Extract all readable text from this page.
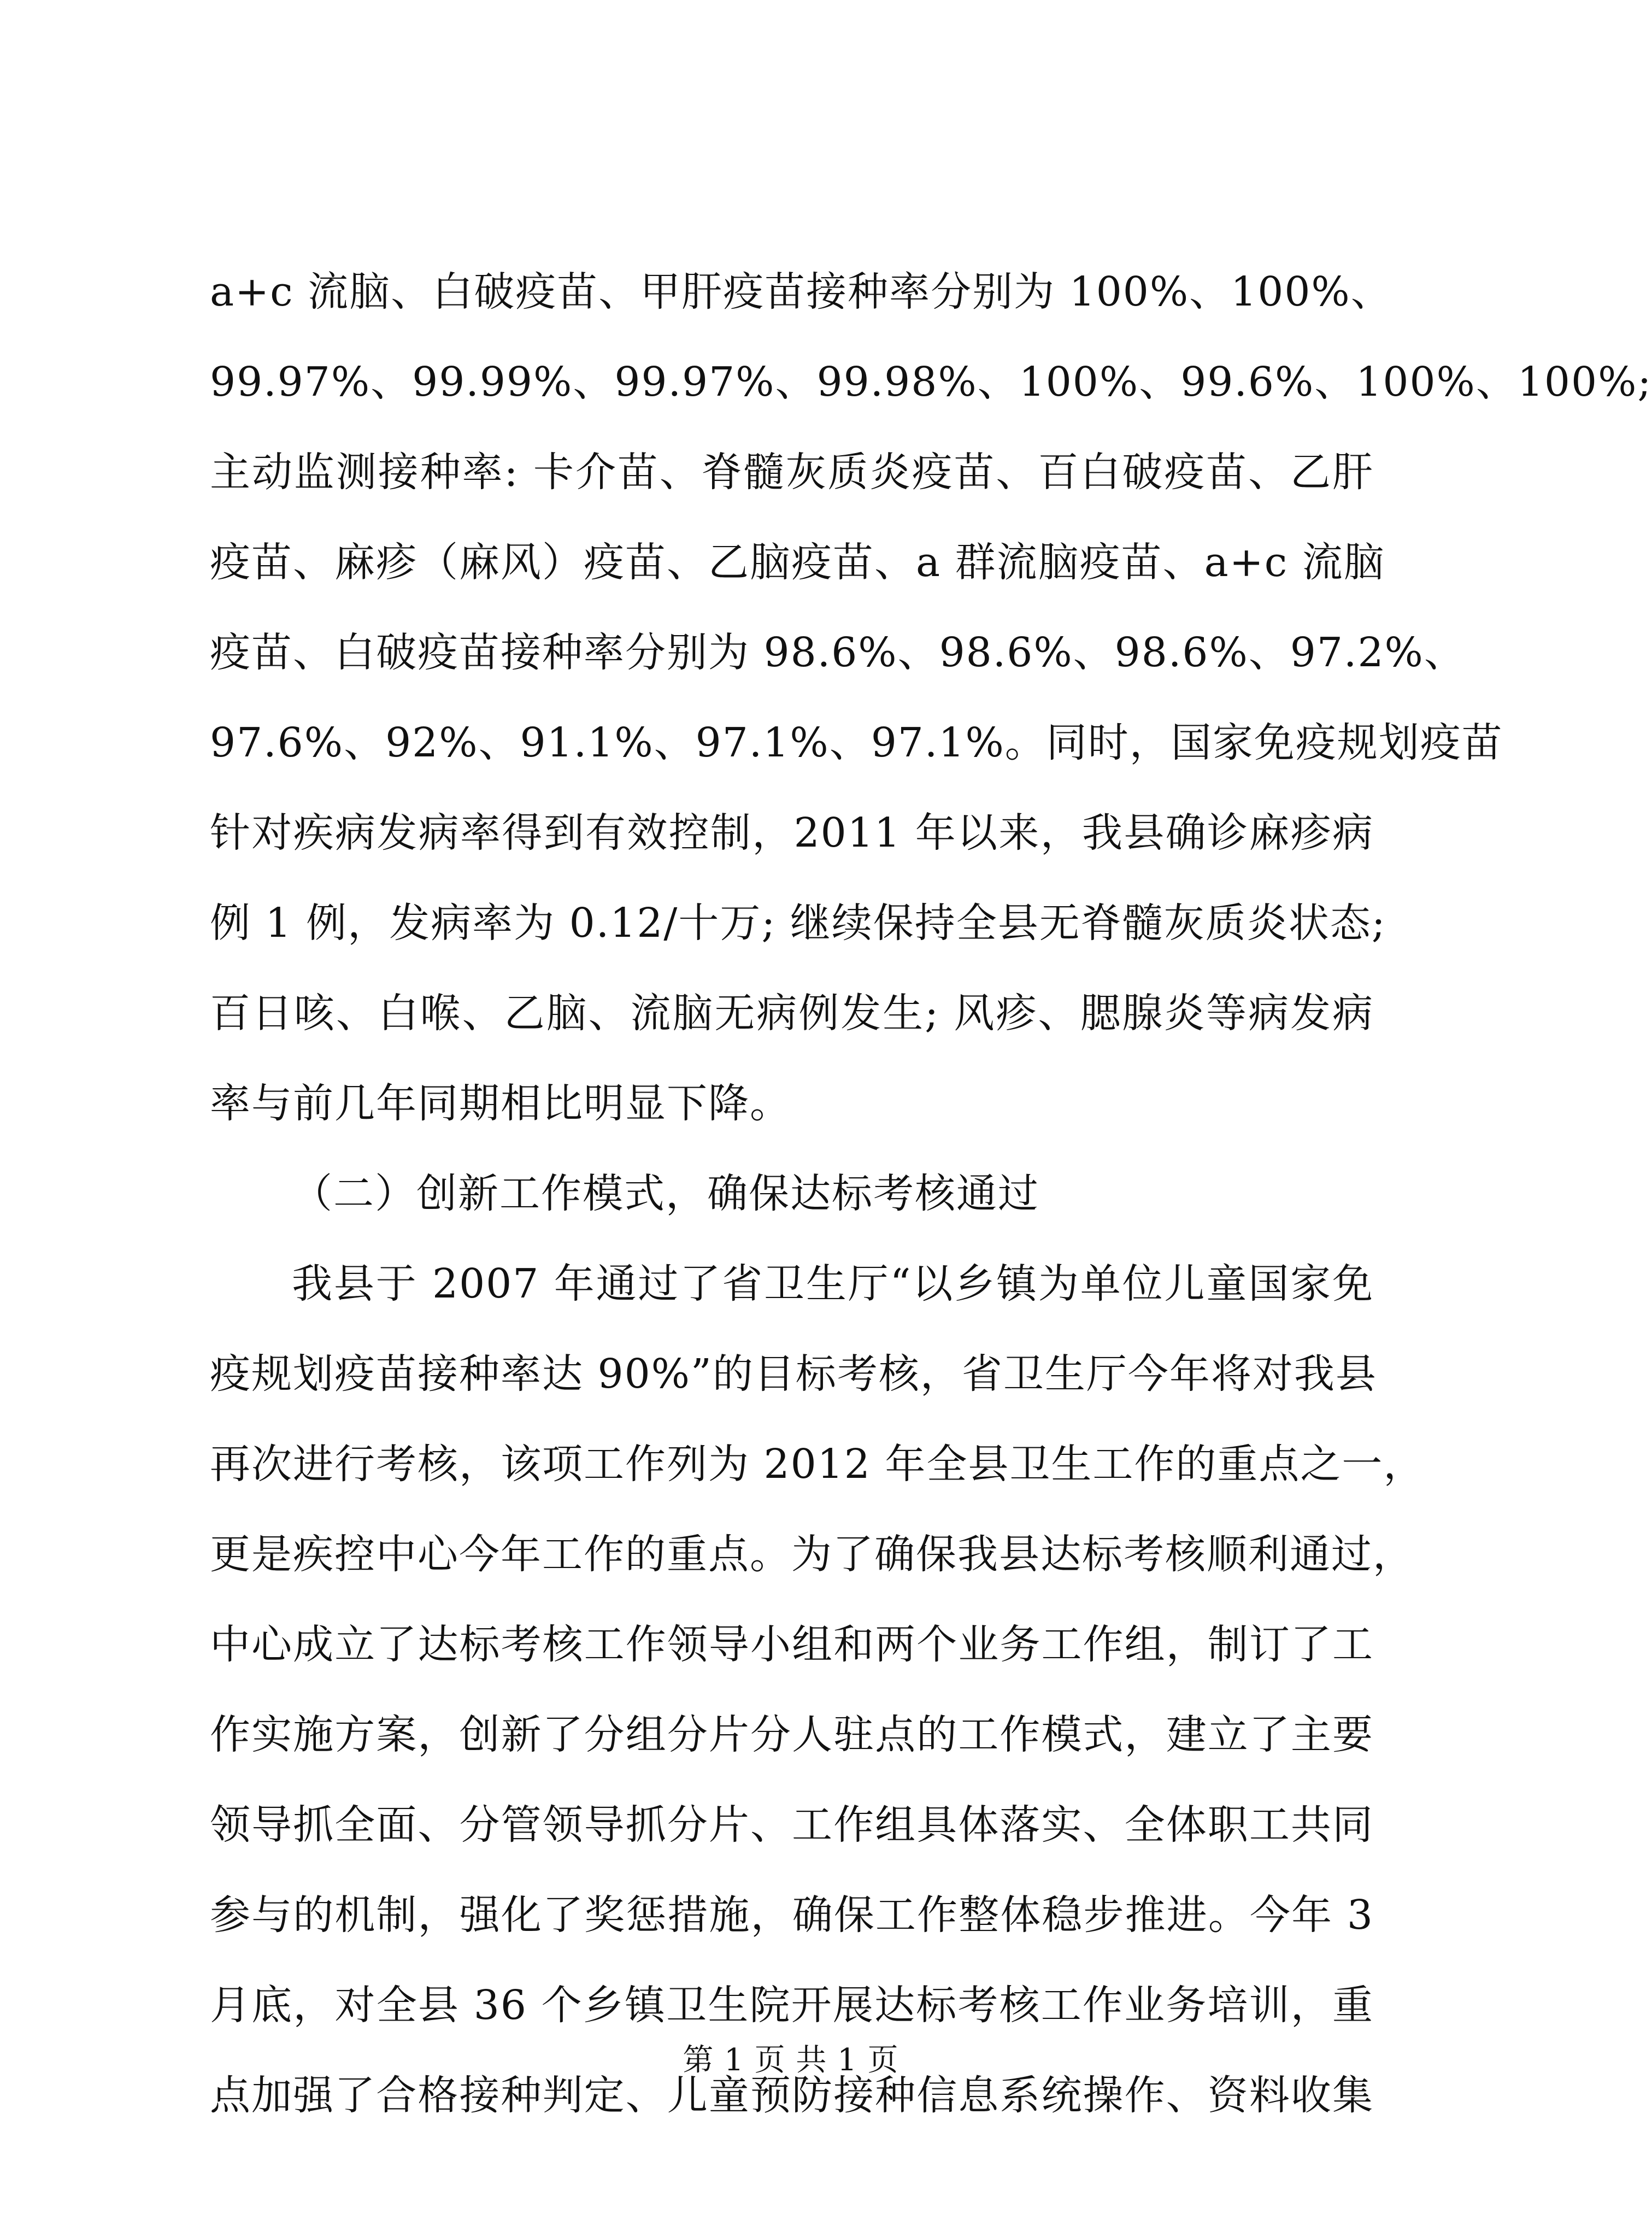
a+c 流脑、白破疫苗、甲肝疫苗接种率分别为 100%、100%、
99.97%、99.99%、99.97%、99.98%、100%、99.6%、100%、100%;
主动监测接种率: 卡介苗、脊髓灰质炎疫苗、百白破疫苗、乙肝
疫苗、麻疹（麻风）疫苗、乙脑疫苗、a 群流脑疫苗、a+c 流脑
疫苗、白破疫苗接种率分别为 98.6%、98.6%、98.6%、97.2%、
97.6%、92%、91.1%、97.1%、97.1%。同时，国家免疫规划疫苗
针对疾病发病率得到有效控制，2011 年以来，我县确诊麻疹病
例 1 例，发病率为 0.12/十万; 继续保持全县无脊髓灰质炎状态;
百日咳、白喉、乙脑、流脑无病例发生; 风疹、腮腺炎等病发病
率与前几年同期相比明显下降。
（二）创新工作模式，确保达标考核通过
我县于 2007 年通过了省卫生厅“以乡镇为单位儿童国家免
疫规划疫苗接种率达 90%”的目标考核，省卫生厅今年将对我县
再次进行考核，该项工作列为 2012 年全县卫生工作的重点之一，
更是疾控中心今年工作的重点。为了确保我县达标考核顺利通过，
中心成立了达标考核工作领导小组和两个业务工作组，制订了工
作实施方案，创新了分组分片分人驻点的工作模式，建立了主要
领导抓全面、分管领导抓分片、工作组具体落实、全体职工共同
参与的机制，强化了奖惩措施，确保工作整体稳步推进。今年 3
月底，对全县 36 个乡镇卫生院开展达标考核工作业务培训，重
点加强了合格接种判定、儿童预防接种信息系统操作、资料收集
第 1 页 共 1 页
